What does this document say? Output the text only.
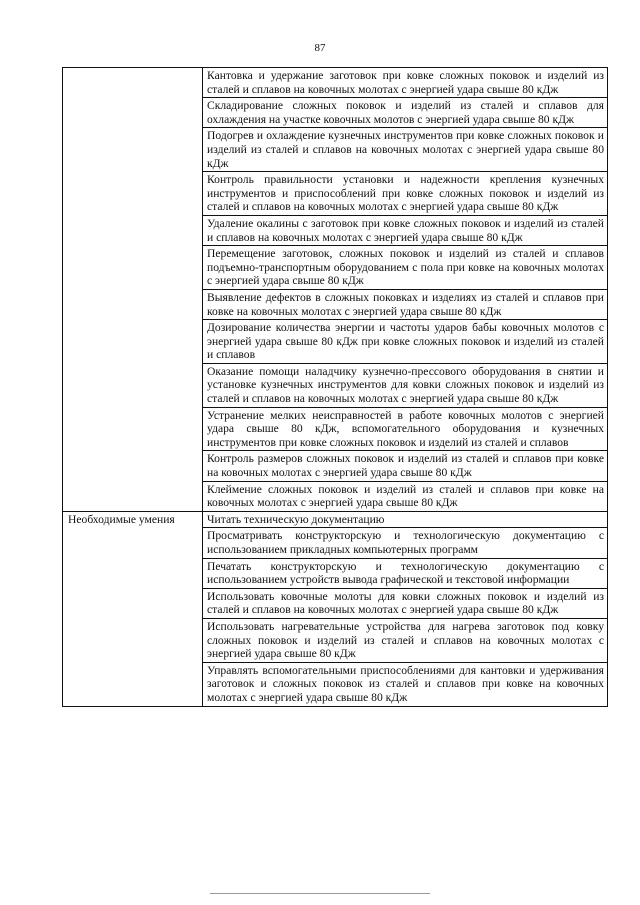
87
	Кантовка и удержание заготовок при ковке сложных поковок и изделий из сталей и сплавов на ковочных молотах с энергией удара свыше 80 кДж
	Складирование сложных поковок и изделий из сталей и сплавов для охлаждения на участке ковочных молотов с энергией удара свыше 80 кДж
	Подогрев и охлаждение кузнечных инструментов при ковке сложных поковок и изделий из сталей и сплавов на ковочных молотах с энергией удара свыше 80 кДж
	Контроль правильности установки и надежности крепления кузнечных инструментов и приспособлений при ковке сложных поковок и изделий из сталей и сплавов на ковочных молотах с энергией удара свыше 80 кДж
	Удаление окалины с заготовок при ковке сложных поковок и изделий из сталей и сплавов на ковочных молотах с энергией удара свыше 80 кДж
	Перемещение заготовок, сложных поковок и изделий из сталей и сплавов подъемно-транспортным оборудованием с пола при ковке на ковочных молотах с энергией удара свыше 80 кДж
	Выявление дефектов в сложных поковках и изделиях из сталей и сплавов при ковке на ковочных молотах с энергией удара свыше 80 кДж
	Дозирование количества энергии и частоты ударов бабы ковочных молотов с энергией удара свыше 80 кДж при ковке сложных поковок и изделий из сталей и сплавов
	Оказание помощи наладчику кузнечно-прессового оборудования в снятии и установке кузнечных инструментов для ковки сложных поковок и изделий из сталей и сплавов на ковочных молотах с энергией удара свыше 80 кДж
	Устранение мелких неисправностей в работе ковочных молотов с энергией удара свыше 80 кДж, вспомогательного оборудования и кузнечных инструментов при ковке сложных поковок и изделий из сталей и сплавов
	Контроль размеров сложных поковок и изделий из сталей и сплавов при ковке на ковочных молотах с энергией удара свыше 80 кДж
	Клеймение сложных поковок и изделий из сталей и сплавов при ковке на ковочных молотах с энергией удара свыше 80 кДж
Необходимые умения	Читать техническую документацию
	Просматривать конструкторскую и технологическую документацию с использованием прикладных компьютерных программ
	Печатать конструкторскую и технологическую документацию с использованием устройств вывода графической и текстовой информации
	Использовать ковочные молоты для ковки сложных поковок и изделий из сталей и сплавов на ковочных молотах с энергией удара свыше 80 кДж
	Использовать нагревательные устройства для нагрева заготовок под ковку сложных поковок и изделий из сталей и сплавов на ковочных молотах с энергией удара свыше 80 кДж
	Управлять вспомогательными приспособлениями для кантовки и удерживания заготовок и сложных поковок из сталей и сплавов при ковке на ковочных молотах с энергией удара свыше 80 кДж
